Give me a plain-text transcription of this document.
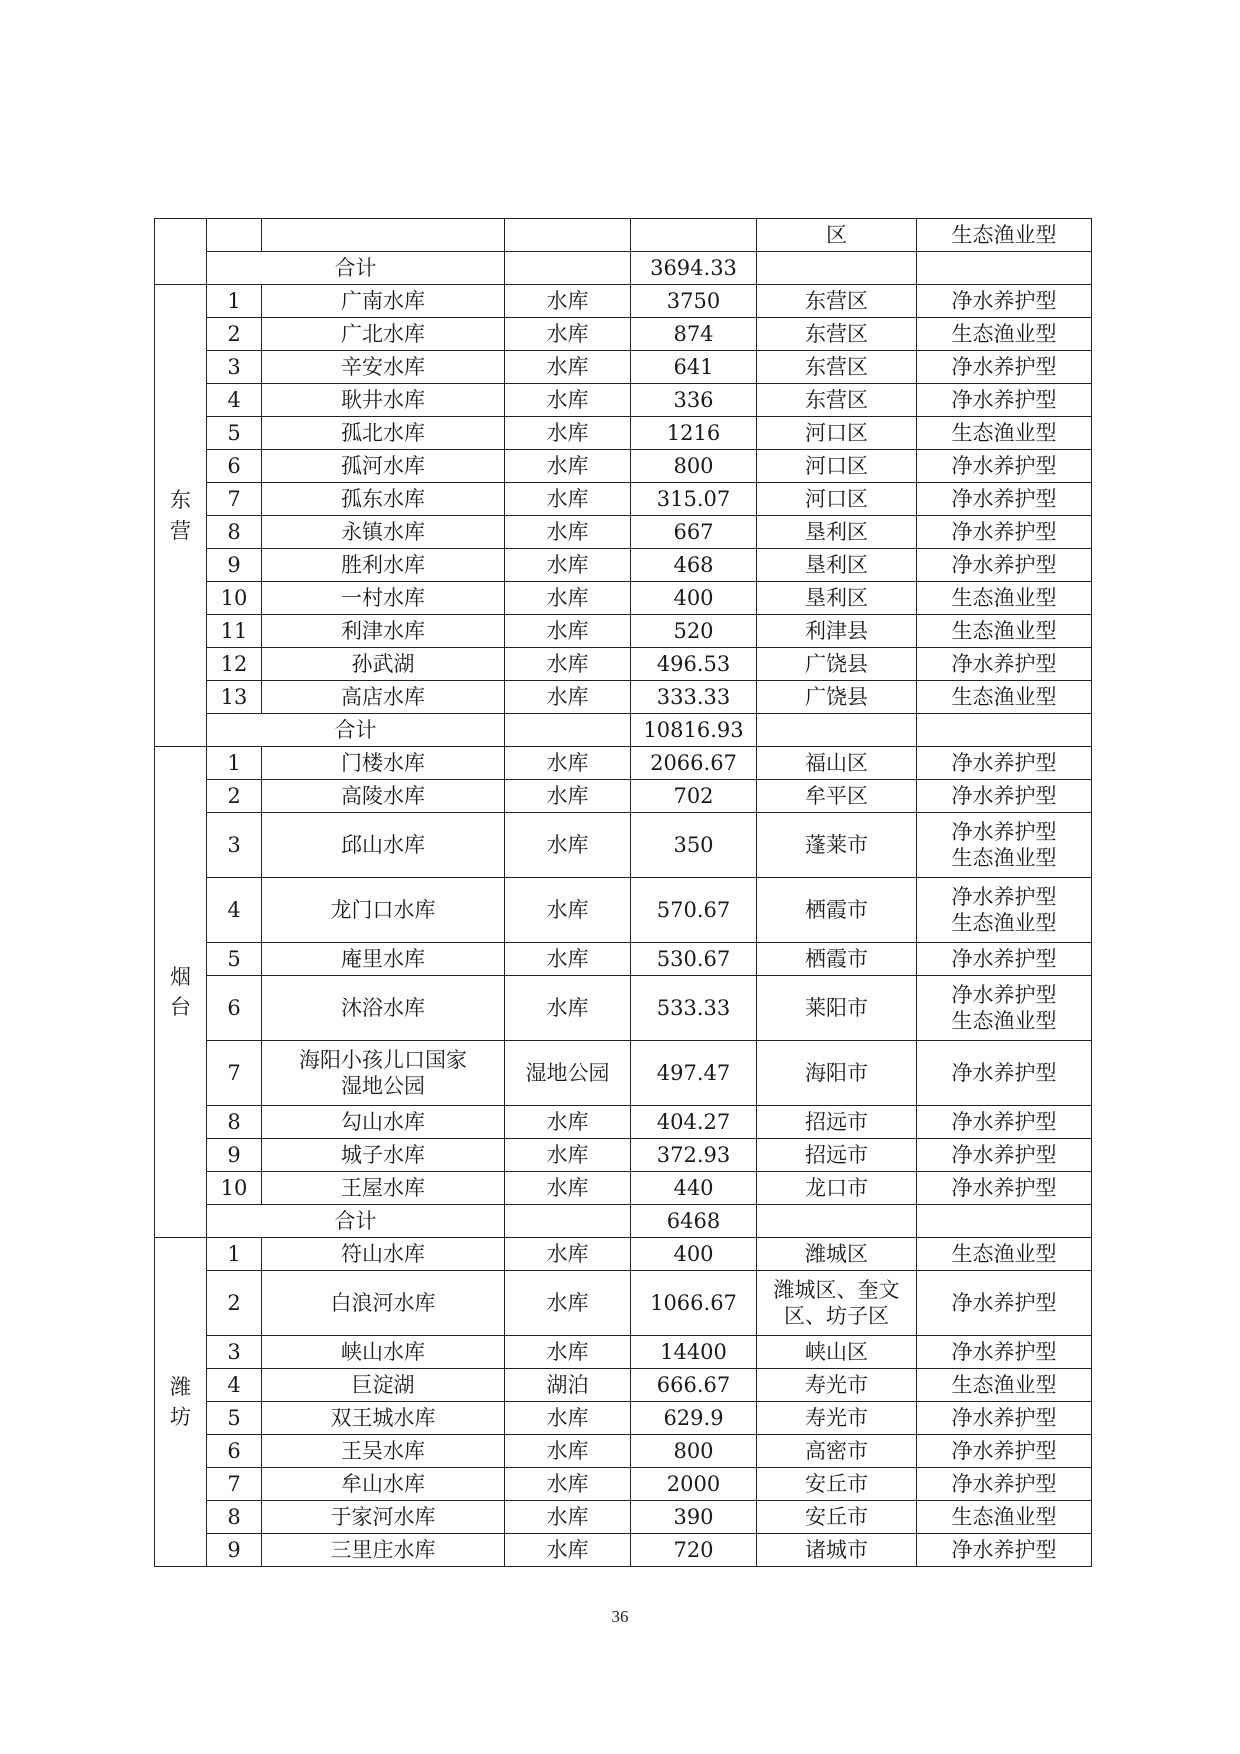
					区	生态渔业型
	合计			3694.33		

东
营	1	广南水库	水库	3750	东营区	净水养护型

	2	广北水库	水库	874	东营区	生态渔业型

	3	辛安水库	水库	641	东营区	净水养护型

	4	耿井水库	水库	336	东营区	净水养护型

	5	孤北水库	水库	1216	河口区	生态渔业型

	6	孤河水库	水库	800	河口区	净水养护型

	7	孤东水库	水库	315.07	河口区	净水养护型

	8	永镇水库	水库	667	垦利区	净水养护型

	9	胜利水库	水库	468	垦利区	净水养护型

	10	一村水库	水库	400	垦利区	生态渔业型

	11	利津水库	水库	520	利津县	生态渔业型

	12	孙武湖	水库	496.53	广饶县	净水养护型

	13	高店水库	水库	333.33	广饶县	生态渔业型

	合计			10816.93		

烟
台	1	门楼水库	水库	2066.67	福山区	净水养护型

	2	高陵水库	水库	702	牟平区	净水养护型

	3	邱山水库	水库	350	蓬莱市	净水养护型
生态渔业型

	4	龙门口水库	水库	570.67	栖霞市	净水养护型
生态渔业型

	5	庵里水库	水库	530.67	栖霞市	净水养护型

	6	沐浴水库	水库	533.33	莱阳市	净水养护型
生态渔业型

	7	海阳小孩儿口国家
湿地公园	湿地公园	497.47	海阳市	净水养护型

	8	勾山水库	水库	404.27	招远市	净水养护型

	9	城子水库	水库	372.93	招远市	净水养护型

	10	王屋水库	水库	440	龙口市	净水养护型

	合计			6468		

潍
坊	1	符山水库	水库	400	潍城区	生态渔业型

	2	白浪河水库	水库	1066.67	潍城区、奎文
区、坊子区	净水养护型

	3	峡山水库	水库	14400	峡山区	净水养护型

	4	巨淀湖	湖泊	666.67	寿光市	生态渔业型

	5	双王城水库	水库	629.9	寿光市	净水养护型

	6	王吴水库	水库	800	高密市	净水养护型

	7	牟山水库	水库	2000	安丘市	净水养护型

	8	于家河水库	水库	390	安丘市	生态渔业型

	9	三里庄水库	水库	720	诸城市	净水养护型
36
